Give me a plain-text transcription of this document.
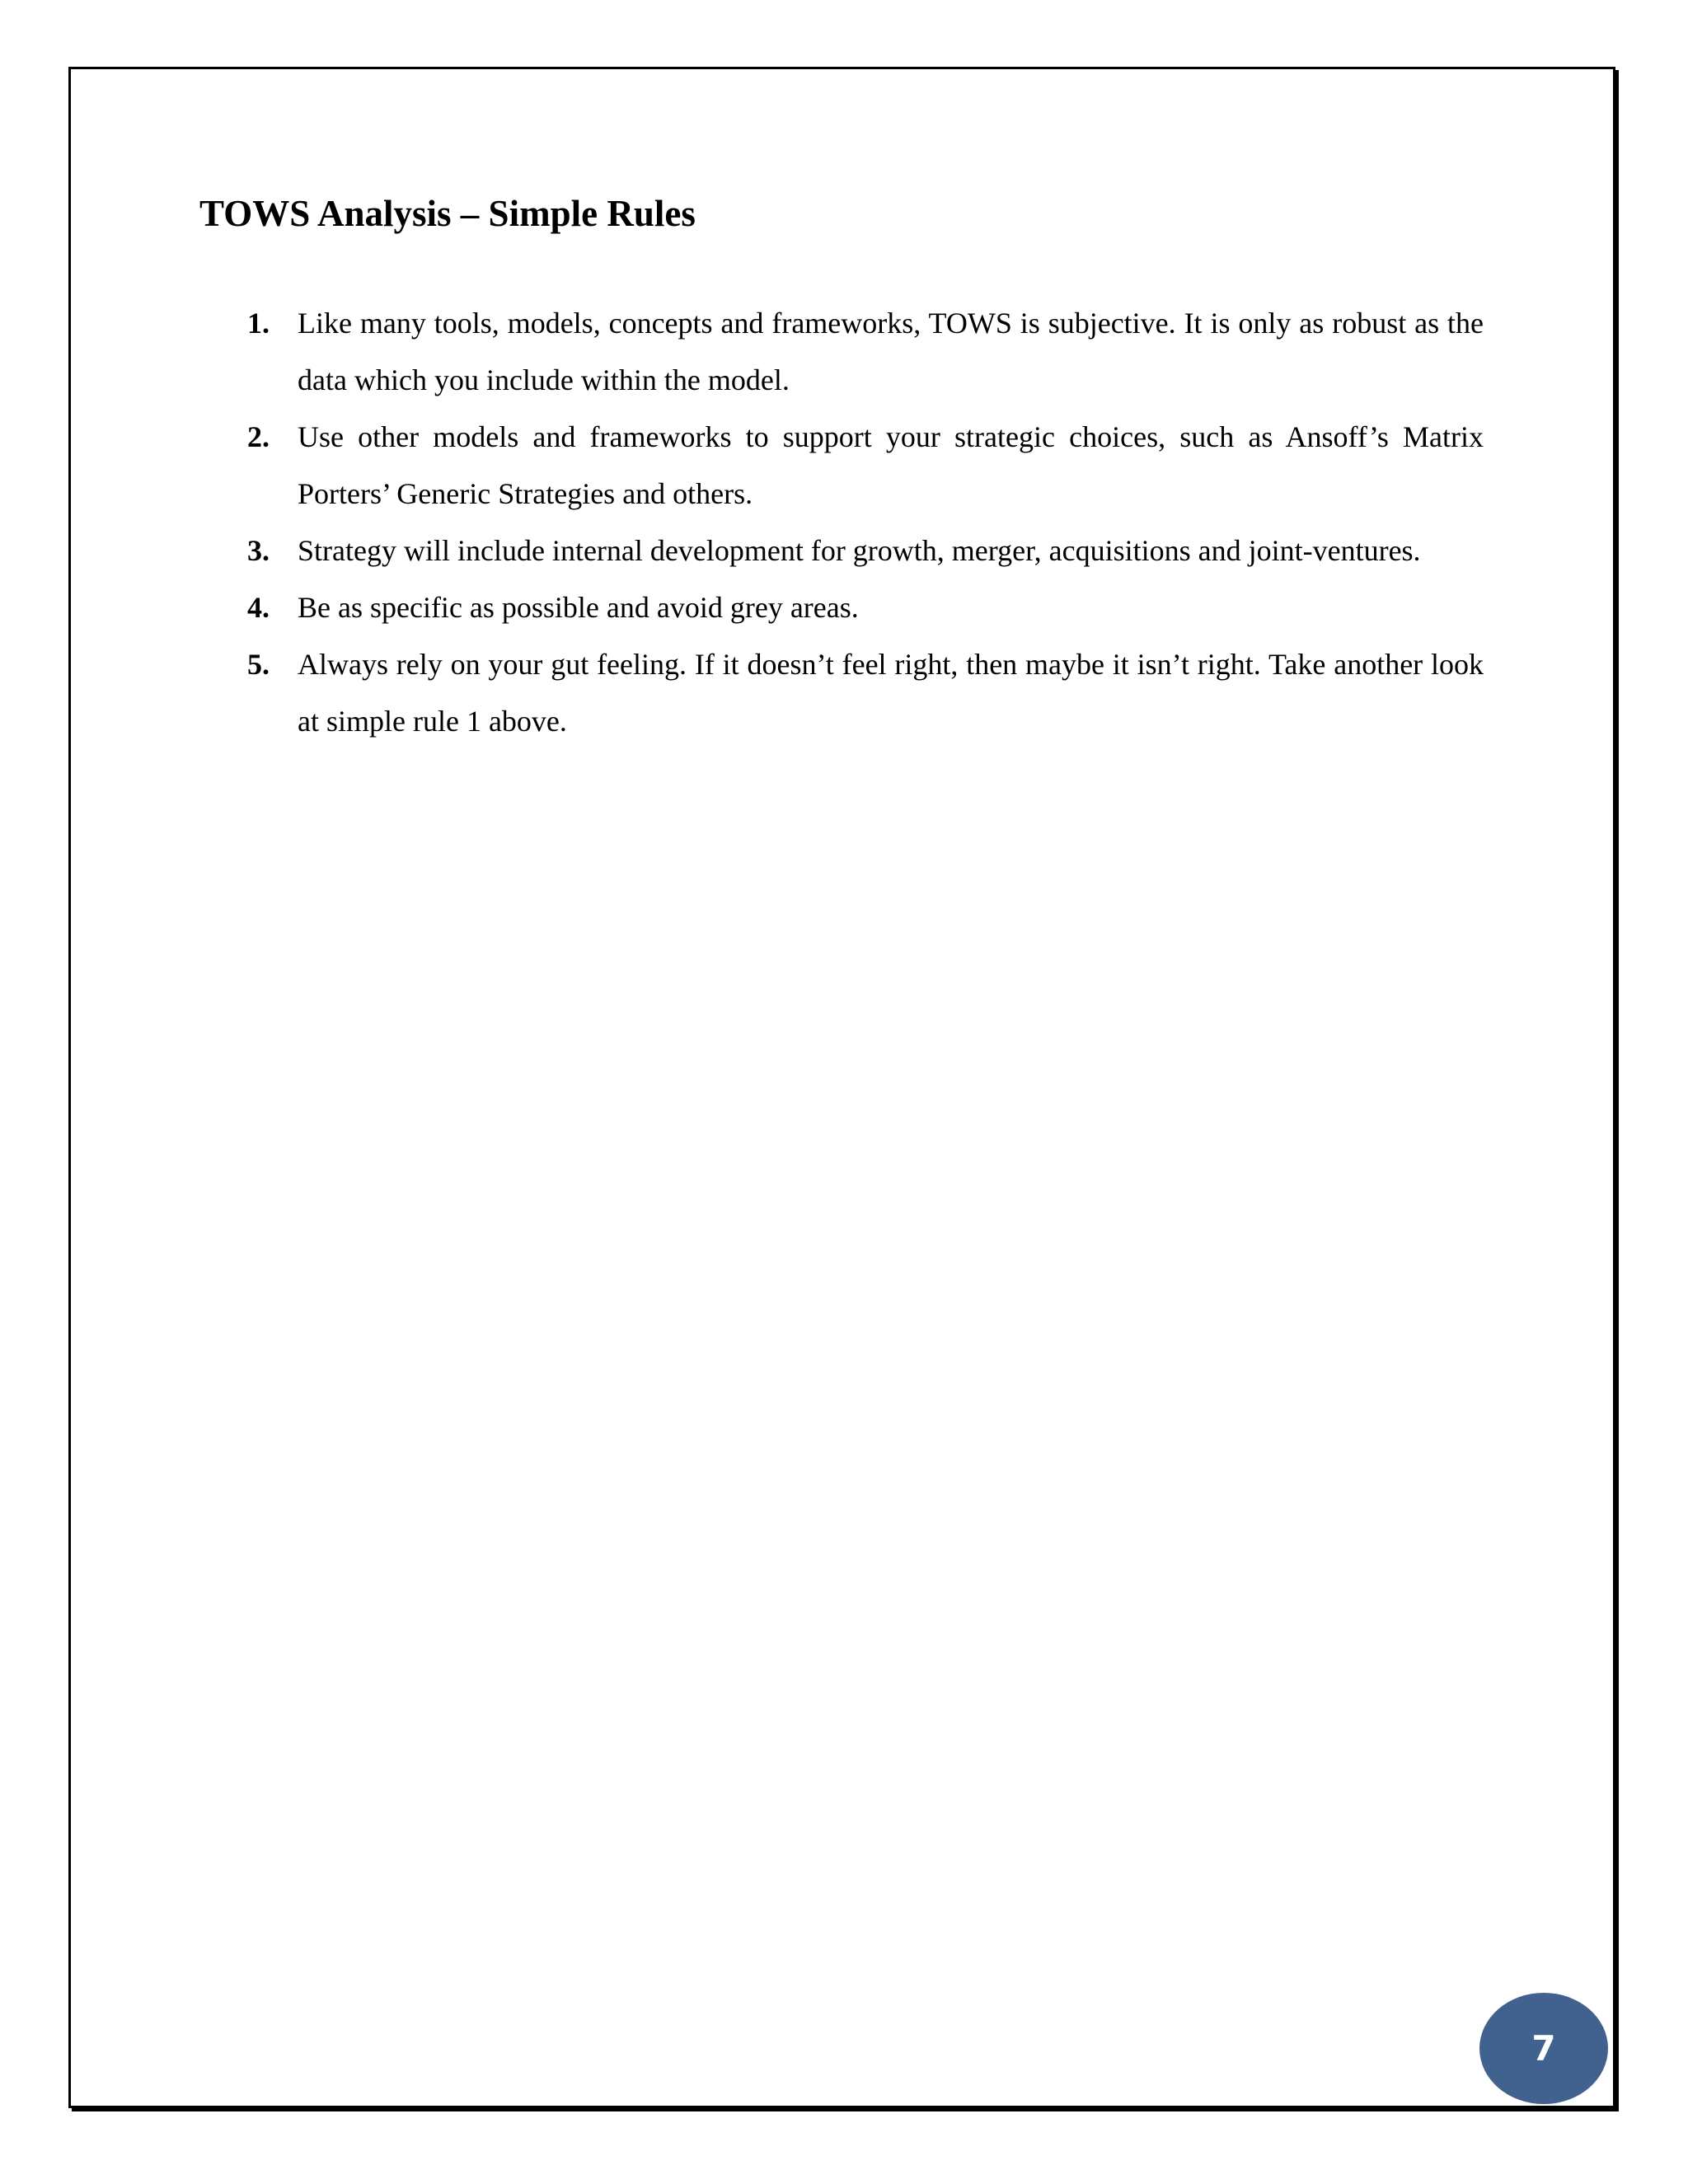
TOWS Analysis – Simple Rules
1. Like many tools, models, concepts and frameworks, TOWS is subjective. It is only as robust as the data which you include within the model.
2. Use other models and frameworks to support your strategic choices, such as Ansoff’s Matrix Porters’ Generic Strategies and others.
3. Strategy will include internal development for growth, merger, acquisitions and joint-ventures.
4. Be as specific as possible and avoid grey areas.
5. Always rely on your gut feeling. If it doesn’t feel right, then maybe it isn’t right. Take another look at simple rule 1 above.
7
